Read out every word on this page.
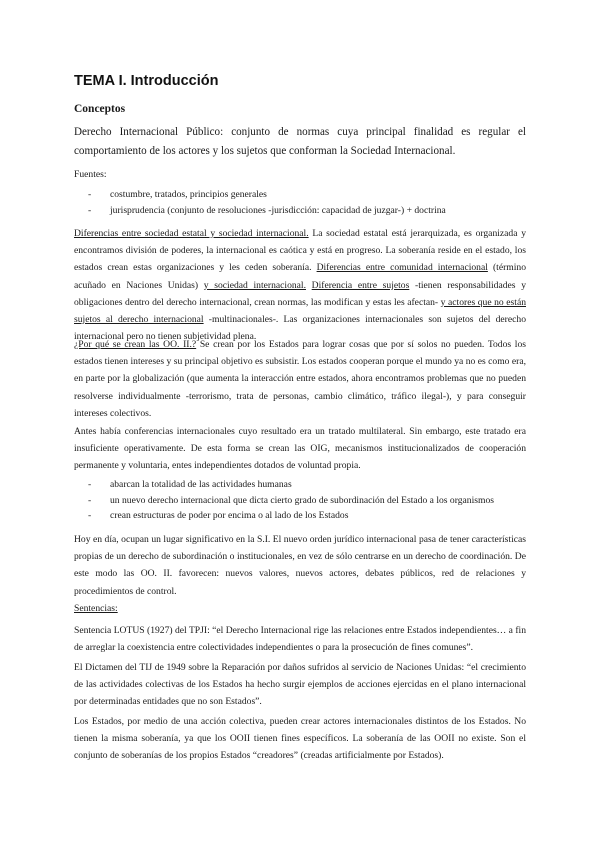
TEMA I. Introducción
Conceptos

Derecho Internacional Público: conjunto de normas cuya principal finalidad es regular el comportamiento de los actores y los sujetos que conforman la Sociedad Internacional.

Fuentes:

- costumbre, tratados, principios generales
- jurisprudencia (conjunto de resoluciones -jurisdicción: capacidad de juzgar-) + doctrina

Diferencias entre sociedad estatal y sociedad internacional. La sociedad estatal está jerarquizada, es organizada y encontramos división de poderes, la internacional es caótica y está en progreso. La soberanía reside en el estado, los estados crean estas organizaciones y les ceden soberanía. Diferencias entre comunidad internacional (término acuñado en Naciones Unidas) y sociedad internacional. Diferencia entre sujetos -tienen responsabilidades y obligaciones dentro del derecho internacional, crean normas, las modifican y estas les afectan- y actores que no están sujetos al derecho internacional -multinacionales-. Las organizaciones internacionales son sujetos del derecho internacional pero no tienen subjetividad plena.

¿Por qué se crean las OO. II.? Se crean por los Estados para lograr cosas que por sí solos no pueden. Todos los estados tienen intereses y su principal objetivo es subsistir. Los estados cooperan porque el mundo ya no es como era, en parte por la globalización (que aumenta la interacción entre estados, ahora encontramos problemas que no pueden resolverse individualmente -terrorismo, trata de personas, cambio climático, tráfico ilegal-), y para conseguir intereses colectivos.

Antes había conferencias internacionales cuyo resultado era un tratado multilateral. Sin embargo, este tratado era insuficiente operativamente. De esta forma se crean las OIG, mecanismos institucionalizados de cooperación permanente y voluntaria, entes independientes dotados de voluntad propia.

- abarcan la totalidad de las actividades humanas
- un nuevo derecho internacional que dicta cierto grado de subordinación del Estado a los organismos
- crean estructuras de poder por encima o al lado de los Estados

Hoy en día, ocupan un lugar significativo en la S.I. El nuevo orden jurídico internacional pasa de tener características propias de un derecho de subordinación o institucionales, en vez de sólo centrarse en un derecho de coordinación. De este modo las OO. II. favorecen: nuevos valores, nuevos actores, debates públicos, red de relaciones y procedimientos de control.

Sentencias:

Sentencia LOTUS (1927) del TPJI: “el Derecho Internacional rige las relaciones entre Estados independientes… a fin de arreglar la coexistencia entre colectividades independientes o para la prosecución de fines comunes”.

El Dictamen del TIJ de 1949 sobre la Reparación por daños sufridos al servicio de Naciones Unidas: “el crecimiento de las actividades colectivas de los Estados ha hecho surgir ejemplos de acciones ejercidas en el plano internacional por determinadas entidades que no son Estados”.

Los Estados, por medio de una acción colectiva, pueden crear actores internacionales distintos de los Estados. No tienen la misma soberanía, ya que los OOII tienen fines específicos. La soberanía de las OOII no existe. Son el conjunto de soberanías de los propios Estados “creadores” (creadas artificialmente por Estados).
